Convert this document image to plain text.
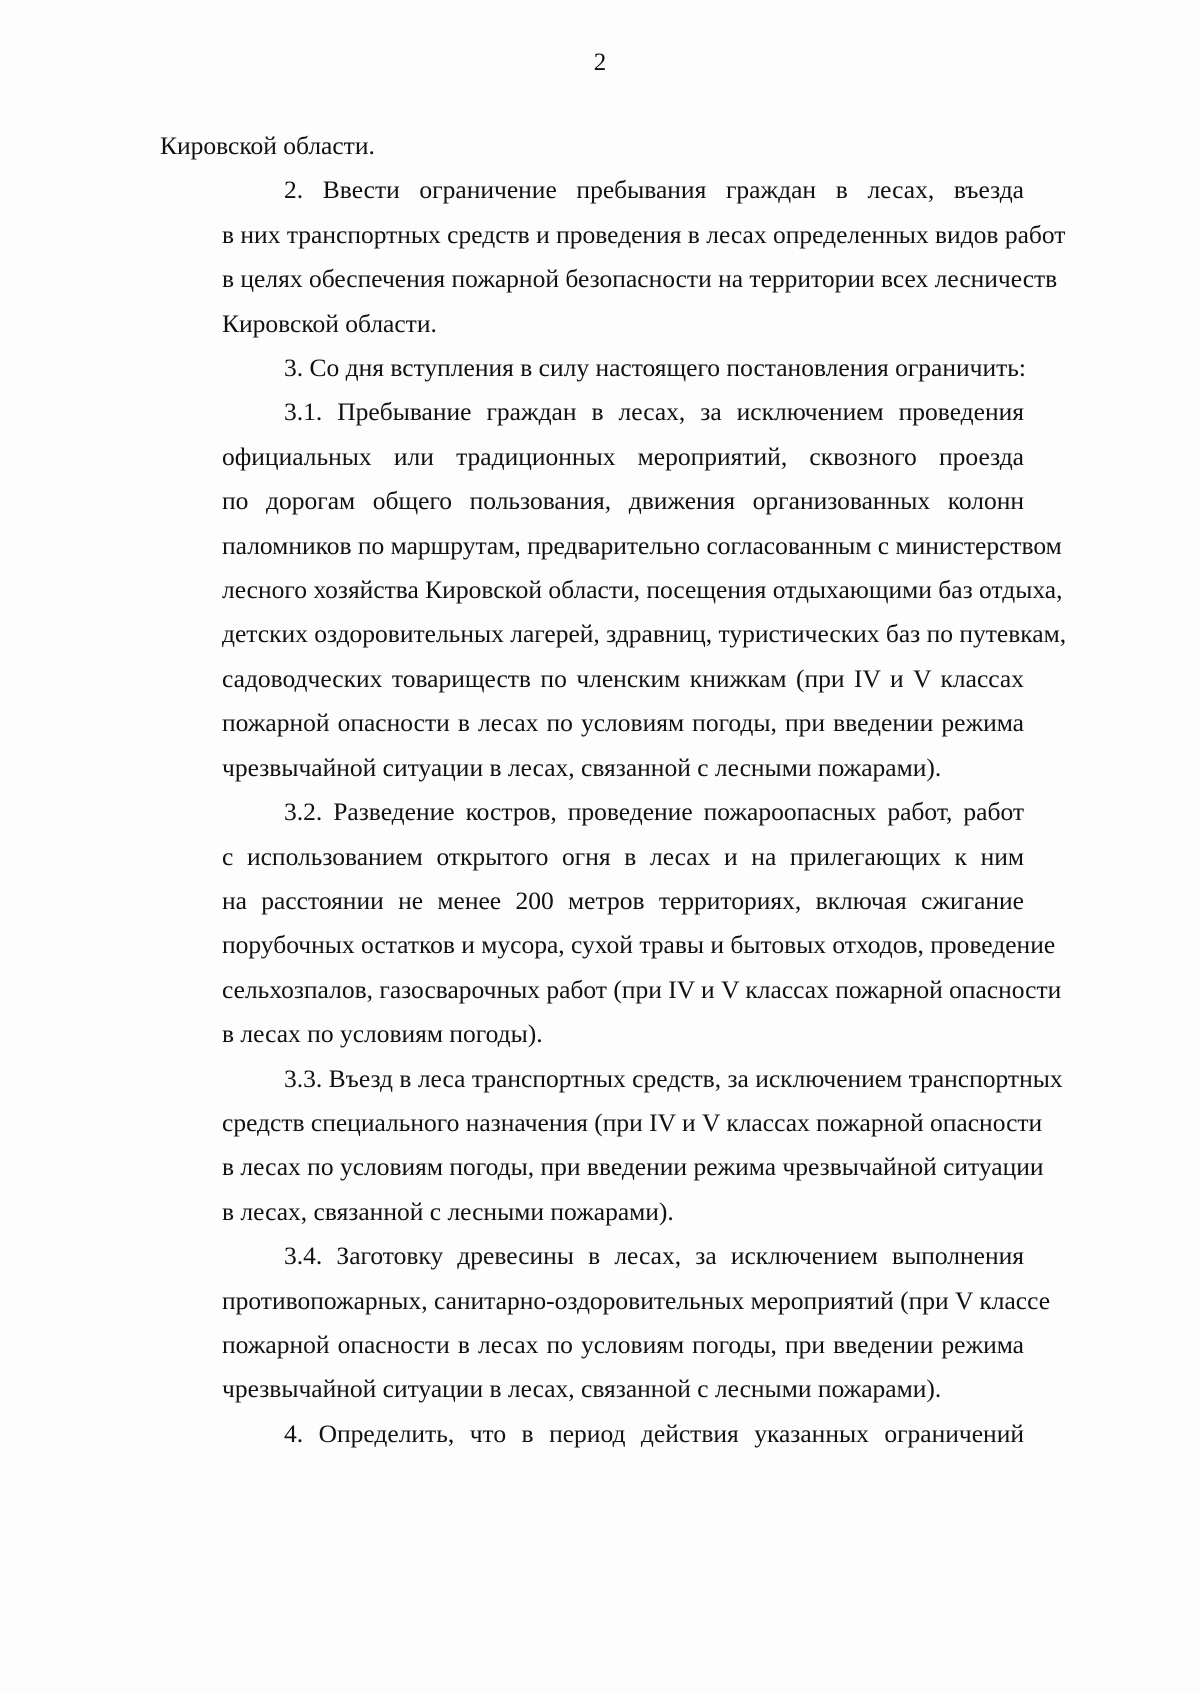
2
Кировской области.
2. Ввести ограничение пребывания граждан в лесах, въезда
в них транспортных средств и проведения в лесах определенных видов работ
в целях обеспечения пожарной безопасности на территории всех лесничеств
Кировской области.
3. Со дня вступления в силу настоящего постановления ограничить:
3.1. Пребывание граждан в лесах, за исключением проведения
официальных или традиционных мероприятий, сквозного проезда
по дорогам общего пользования, движения организованных колонн
паломников по маршрутам, предварительно согласованным с министерством
лесного хозяйства Кировской области, посещения отдыхающими баз отдыха,
детских оздоровительных лагерей, здравниц, туристических баз по путевкам,
садоводческих товариществ по членским книжкам (при IV и V классах
пожарной опасности в лесах по условиям погоды, при введении режима
чрезвычайной ситуации в лесах, связанной с лесными пожарами).
3.2. Разведение костров, проведение пожароопасных работ, работ
с использованием открытого огня в лесах и на прилегающих к ним
на расстоянии не менее 200 метров территориях, включая сжигание
порубочных остатков и мусора, сухой травы и бытовых отходов, проведение
сельхозпалов, газосварочных работ (при IV и V классах пожарной опасности
в лесах по условиям погоды).
3.3. Въезд в леса транспортных средств, за исключением транспортных
средств специального назначения (при IV и V классах пожарной опасности
в лесах по условиям погоды, при введении режима чрезвычайной ситуации
в лесах, связанной с лесными пожарами).
3.4. Заготовку древесины в лесах, за исключением выполнения
противопожарных, санитарно-оздоровительных мероприятий (при V классе
пожарной опасности в лесах по условиям погоды, при введении режима
чрезвычайной ситуации в лесах, связанной с лесными пожарами).
4. Определить, что в период действия указанных ограничений
